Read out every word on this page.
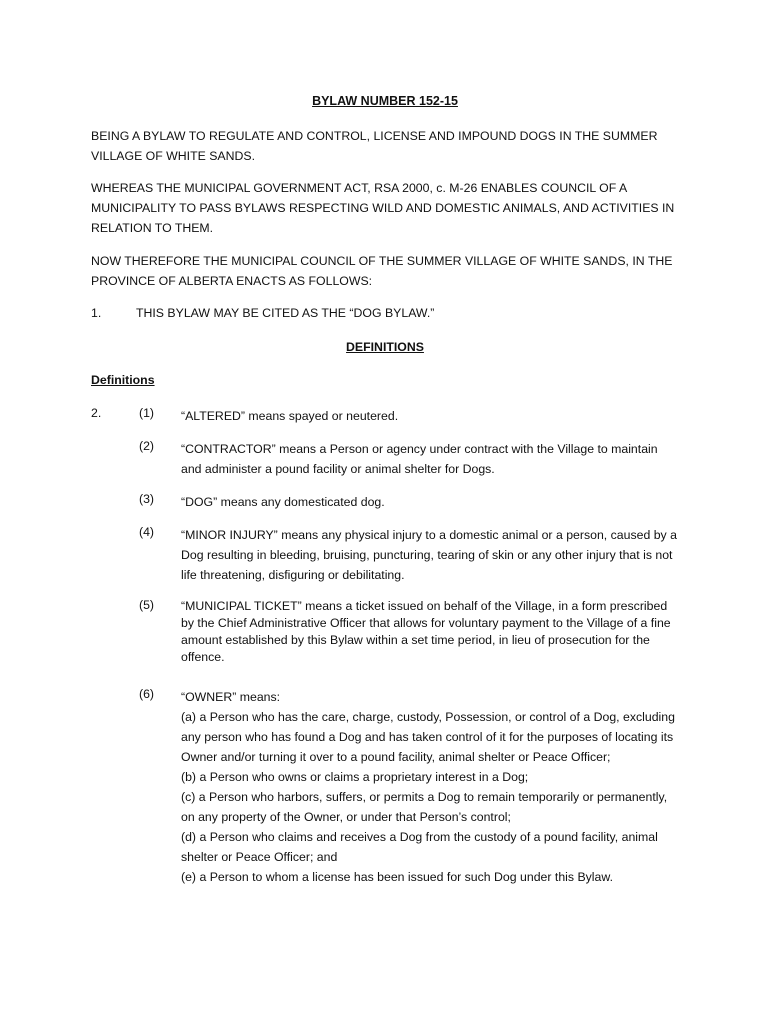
BYLAW NUMBER 152-15
BEING A BYLAW TO REGULATE AND CONTROL, LICENSE AND IMPOUND DOGS IN THE SUMMER VILLAGE OF WHITE SANDS.
WHEREAS THE MUNICIPAL GOVERNMENT ACT, RSA 2000, c. M-26 ENABLES COUNCIL OF A MUNICIPALITY TO PASS BYLAWS RESPECTING WILD AND DOMESTIC ANIMALS, AND ACTIVITIES IN RELATION TO THEM.
NOW THEREFORE THE MUNICIPAL COUNCIL OF THE SUMMER VILLAGE OF WHITE SANDS, IN THE PROVINCE OF ALBERTA ENACTS AS FOLLOWS:
1.	THIS BYLAW MAY BE CITED AS THE “DOG BYLAW.”
DEFINITIONS
Definitions
2.	(1) “ALTERED” means spayed or neutered.
(2) “CONTRACTOR” means a Person or agency under contract with the Village to maintain and administer a pound facility or animal shelter for Dogs.
(3) “DOG” means any domesticated dog.
(4) “MINOR INJURY” means any physical injury to a domestic animal or a person, caused by a Dog resulting in bleeding, bruising, puncturing, tearing of skin or any other injury that is not life threatening, disfiguring or debilitating.
(5) “MUNICIPAL TICKET” means a ticket issued on behalf of the Village, in a form prescribed by the Chief Administrative Officer that allows for voluntary payment to the Village of a fine amount established by this Bylaw within a set time period, in lieu of prosecution for the offence.
(6) “OWNER” means:
(a) a Person who has the care, charge, custody, Possession, or control of a Dog, excluding any person who has found a Dog and has taken control of it for the purposes of locating its Owner and/or turning it over to a pound facility, animal shelter or Peace Officer;
(b) a Person who owns or claims a proprietary interest in a Dog;
(c) a Person who harbors, suffers, or permits a Dog to remain temporarily or permanently, on any property of the Owner, or under that Person’s control;
(d) a Person who claims and receives a Dog from the custody of a pound facility, animal shelter or Peace Officer; and
(e) a Person to whom a license has been issued for such Dog under this Bylaw.
